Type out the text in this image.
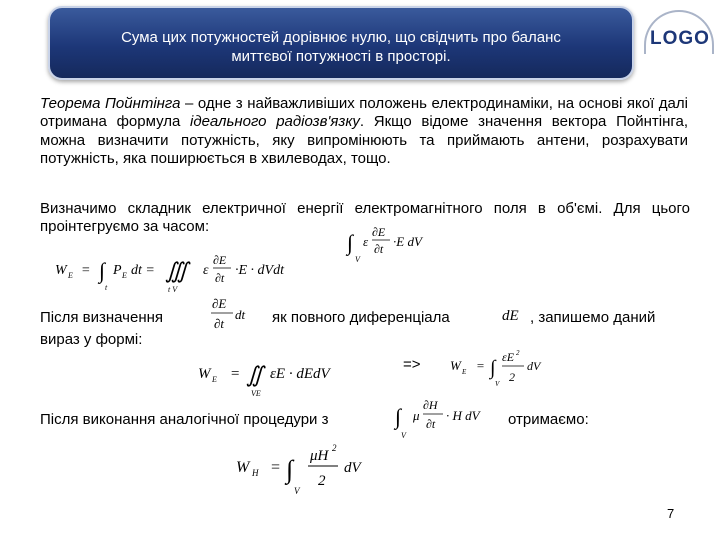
Сума цих потужностей дорівнює нулю, що свідчить про баланс
миттєвої потужності в просторі.
LOGO
Теорема Пойнтінга – одне з найважливіших положень електродинаміки, на основі якої далі отримана формула ідеального радіозв'язку. Якщо відоме значення вектора Пойнтінга, можна визначити потужність, яку випромінюють та приймають антени, розрахувати потужність, яка поширюється в хвилеводах, тощо.
Визначимо складник електричної енергії електромагнітного поля в об'ємі. Для цього проінтегруємо за часом:
∫
V
ε
∂E
∂t ·E dV
W E = ∫
t
P E dt = ∭
t V
ε
∂E
∂t ·E · dVdt
Після визначення
∂E
∂t
dt як повного диференціала	dE , запишемо даний
вираз у формі:
W E = ∬
VE
εE · dEdV
=> W E = ∫
V
εE 2
2
dV
Після виконання аналогічної процедури з	∫
V
μ
∂H
∂t
· H dV отримаємо:
W H = ∫
V
μH 2
2
dV
7
